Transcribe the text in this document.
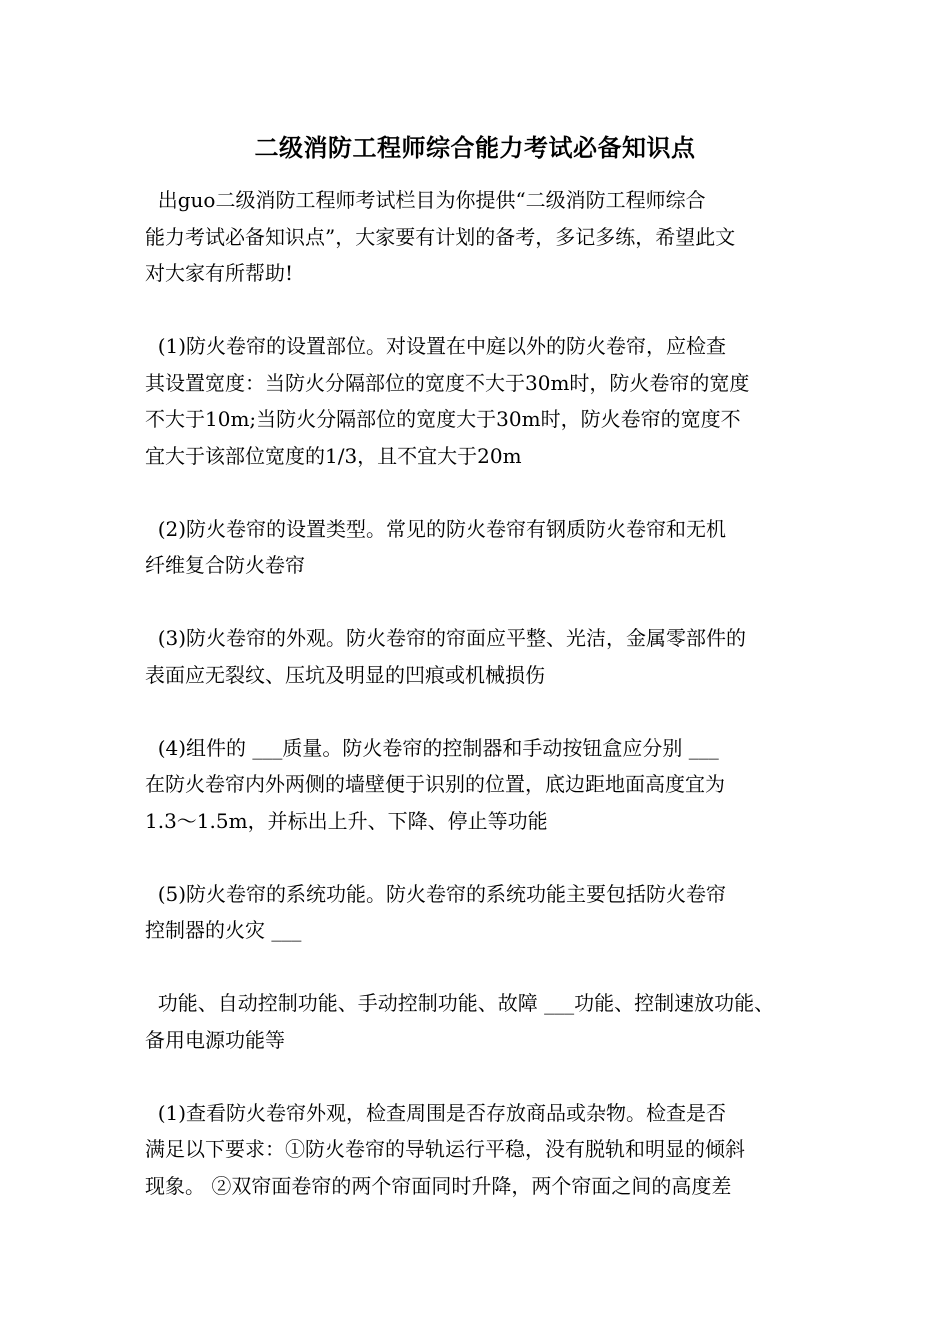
二级消防工程师综合能力考试必备知识点
出guo二级消防工程师考试栏目为你提供“二级消防工程师综合
能力考试必备知识点”，大家要有计划的备考，多记多练，希望此文
对大家有所帮助!
(1)防火卷帘的设置部位。对设置在中庭以外的防火卷帘，应检查
其设置宽度：当防火分隔部位的宽度不大于30m时，防火卷帘的宽度
不大于10m;当防火分隔部位的宽度大于30m时，防火卷帘的宽度不
宜大于该部位宽度的1/3，且不宜大于20m
(2)防火卷帘的设置类型。常见的防火卷帘有钢质防火卷帘和无机
纤维复合防火卷帘
(3)防火卷帘的外观。防火卷帘的帘面应平整、光洁，金属零部件的
表面应无裂纹、压坑及明显的凹痕或机械损伤
(4)组件的 ___质量。防火卷帘的控制器和手动按钮盒应分别 ___
在防火卷帘内外两侧的墙壁便于识别的位置，底边距地面高度宜为
1.3～1.5m，并标出上升、下降、停止等功能
(5)防火卷帘的系统功能。防火卷帘的系统功能主要包括防火卷帘
控制器的火灾 ___
功能、自动控制功能、手动控制功能、故障 ___功能、控制速放功能、
备用电源功能等
(1)查看防火卷帘外观，检查周围是否存放商品或杂物。检查是否
满足以下要求：①防火卷帘的导轨运行平稳，没有脱轨和明显的倾斜
现象。 ②双帘面卷帘的两个帘面同时升降，两个帘面之间的高度差
